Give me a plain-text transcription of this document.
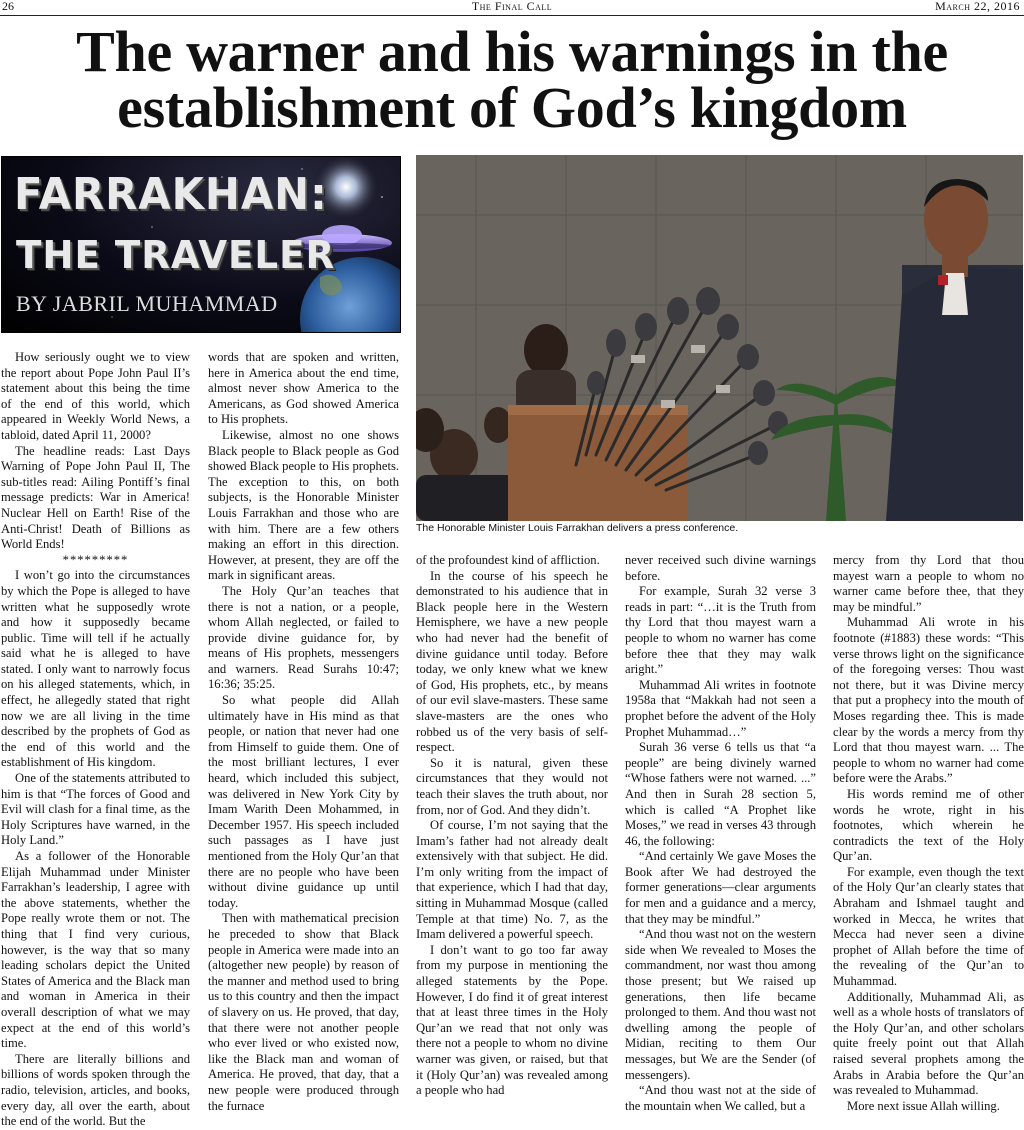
26	The Final Call	March 22, 2016
The warner and his warnings in the
establishment of God’s kingdom
FARRAKHAN:
THE TRAVELER
BY JABRIL MUHAMMAD
The Honorable Minister Louis Farrakhan delivers a press conference.

How seriously ought we to view the report about Pope John Paul II’s statement about this being the time of the end of this world, which appeared in Weekly World News, a tabloid, dated April 11, 2000?

The headline reads: Last Days Warning of Pope John Paul II, The sub-titles read: Ailing Pontiff’s final message predicts: War in America! Nuclear Hell on Earth! Rise of the Anti-Christ! Death of Billions as World Ends!

*********

I won’t go into the circumstances by which the Pope is alleged to have written what he supposedly wrote and how it supposedly became public. Time will tell if he actually said what he is alleged to have stated. I only want to narrowly focus on his alleged statements, which, in effect, he allegedly stated that right now we are all living in the time described by the prophets of God as the end of this world and the establishment of His kingdom.

One of the statements attributed to him is that “The forces of Good and Evil will clash for a final time, as the Holy Scriptures have warned, in the Holy Land.”

As a follower of the Honorable Elijah Muhammad under Minister Farrakhan’s leadership, I agree with the above statements, whether the Pope really wrote them or not. The thing that I find very curious, however, is the way that so many leading scholars depict the United States of America and the Black man and woman in America in their overall description of what we may expect at the end of this world’s time.

There are literally billions and billions of words spoken through the radio, television, articles, and books, every day, all over the earth, about the end of the world. But the

words that are spoken and written, here in America about the end time, almost never show America to the Americans, as God showed America to His prophets.

Likewise, almost no one shows Black people to Black people as God showed Black people to His prophets. The exception to this, on both subjects, is the Honorable Minister Louis Farrakhan and those who are with him. There are a few others making an effort in this direction. However, at present, they are off the mark in significant areas.

The Holy Qur’an teaches that there is not a nation, or a people, whom Allah neglected, or failed to provide divine guidance for, by means of His prophets, messengers and warners. Read Surahs 10:47; 16:36; 35:25.

So what people did Allah ultimately have in His mind as that people, or nation that never had one from Himself to guide them. One of the most brilliant lectures, I ever heard, which included this subject, was delivered in New York City by Imam Warith Deen Mohammed, in December 1957. His speech included such passages as I have just mentioned from the Holy Qur’an that there are no people who have been without divine guidance up until today.

Then with mathematical precision he preceded to show that Black people in America were made into an (altogether new people) by reason of the manner and method used to bring us to this country and then the impact of slavery on us. He proved, that day, that there were not another people who ever lived or who existed now, like the Black man and woman of America. He proved, that day, that a new people were produced through the furnace

of the profoundest kind of affliction.

In the course of his speech he demonstrated to his audience that in Black people here in the Western Hemisphere, we have a new people who had never had the benefit of divine guidance until today. Before today, we only knew what we knew of God, His prophets, etc., by means of our evil slave-masters. These same slave-masters are the ones who robbed us of the very basis of self-respect.

So it is natural, given these circumstances that they would not teach their slaves the truth about, nor from, nor of God. And they didn’t.

Of course, I’m not saying that the Imam’s father had not already dealt extensively with that subject. He did. I’m only writing from the impact of that experience, which I had that day, sitting in Muhammad Mosque (called Temple at that time) No. 7, as the Imam delivered a powerful speech.

I don’t want to go too far away from my purpose in mentioning the alleged statements by the Pope. However, I do find it of great interest that at least three times in the Holy Qur’an we read that not only was there not a people to whom no divine warner was given, or raised, but that it (Holy Qur’an) was revealed among a people who had

never received such divine warnings before.

For example, Surah 32 verse 3 reads in part: “…it is the Truth from thy Lord that thou mayest warn a people to whom no warner has come before thee that they may walk aright.”

Muhammad Ali writes in footnote 1958a that “Makkah had not seen a prophet before the advent of the Holy Prophet Muhammad…”

Surah 36 verse 6 tells us that “a people” are being divinely warned “Whose fathers were not warned. ...” And then in Surah 28 section 5, which is called “A Prophet like Moses,” we read in verses 43 through 46, the following:

“And certainly We gave Moses the Book after We had destroyed the former generations—clear arguments for men and a guidance and a mercy, that they may be mindful.”

“And thou wast not on the western side when We revealed to Moses the commandment, nor wast thou among those present; but We raised up generations, then life became prolonged to them. And thou wast not dwelling among the people of Midian, reciting to them Our messages, but We are the Sender (of messengers).

“And thou wast not at the side of the mountain when We called, but a

mercy from thy Lord that thou mayest warn a people to whom no warner came before thee, that they may be mindful.”

Muhammad Ali wrote in his footnote (#1883) these words: “This verse throws light on the significance of the foregoing verses: Thou wast not there, but it was Divine mercy that put a prophecy into the mouth of Moses regarding thee. This is made clear by the words a mercy from thy Lord that thou mayest warn. ... The people to whom no warner had come before were the Arabs.”

His words remind me of other words he wrote, right in his footnotes, which wherein he contradicts the text of the Holy Qur’an.

For example, even though the text of the Holy Qur’an clearly states that Abraham and Ishmael taught and worked in Mecca, he writes that Mecca had never seen a divine prophet of Allah before the time of the revealing of the Qur’an to Muhammad.

Additionally, Muhammad Ali, as well as a whole hosts of translators of the Holy Qur’an, and other scholars quite freely point out that Allah raised several prophets among the Arabs in Arabia before the Qur’an was revealed to Muhammad.

More next issue Allah willing.
